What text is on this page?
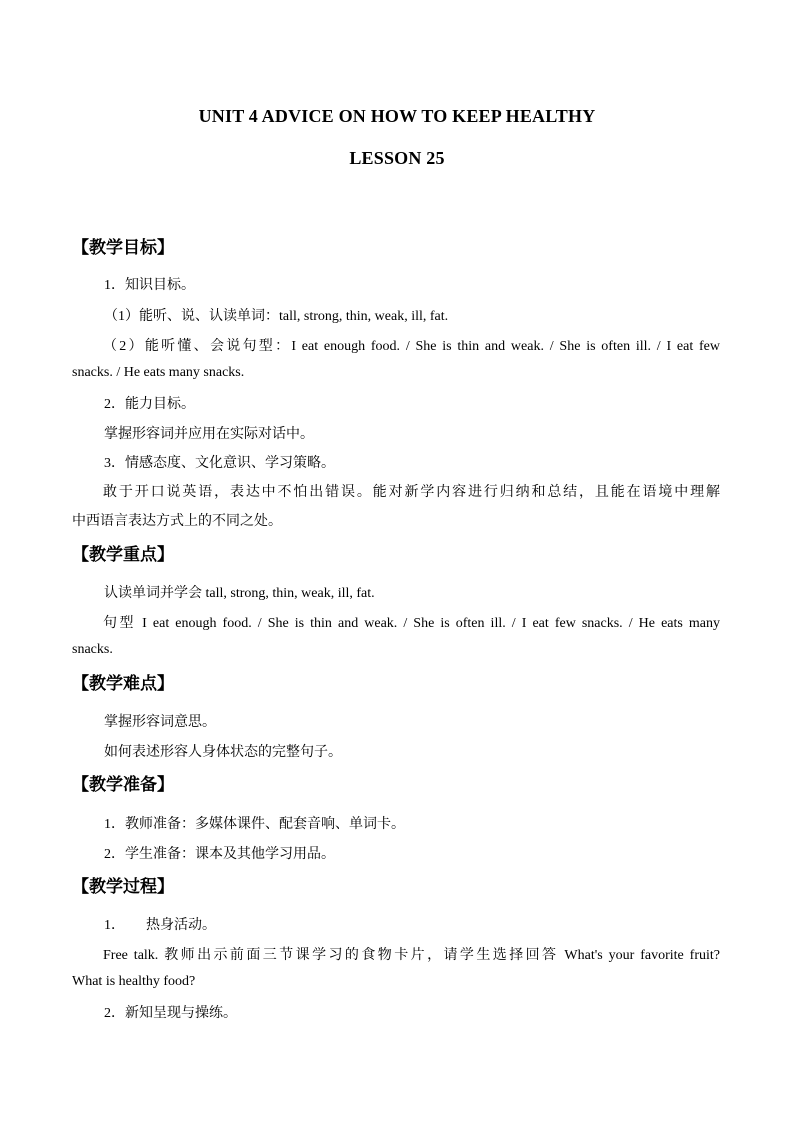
UNIT 4 ADVICE ON HOW TO KEEP HEALTHY
LESSON 25
【教学目标】
1．知识目标。
（1）能听、说、认读单词：tall, strong, thin, weak, ill, fat.
（2）能听懂、会说句型：I eat enough food. / She is thin and weak. / She is often ill. / I eat few
snacks. / He eats many snacks.
2．能力目标。
掌握形容词并应用在实际对话中。
3．情感态度、文化意识、学习策略。
敢于开口说英语，表达中不怕出错误。能对新学内容进行归纳和总结，且能在语境中理解
中西语言表达方式上的不同之处。
【教学重点】
认读单词并学会 tall, strong, thin, weak, ill, fat.
句型 I eat enough food. / She is thin and weak. / She is often ill. / I eat few snacks. / He eats many
snacks.
【教学难点】
掌握形容词意思。
如何表述形容人身体状态的完整句子。
【教学准备】
1．教师准备：多媒体课件、配套音响、单词卡。
2．学生准备：课本及其他学习用品。
【教学过程】
1．      热身活动。
Free talk. 教师出示前面三节课学习的食物卡片，请学生选择回答 What's your favorite fruit?
What is healthy food?
2．新知呈现与操练。
